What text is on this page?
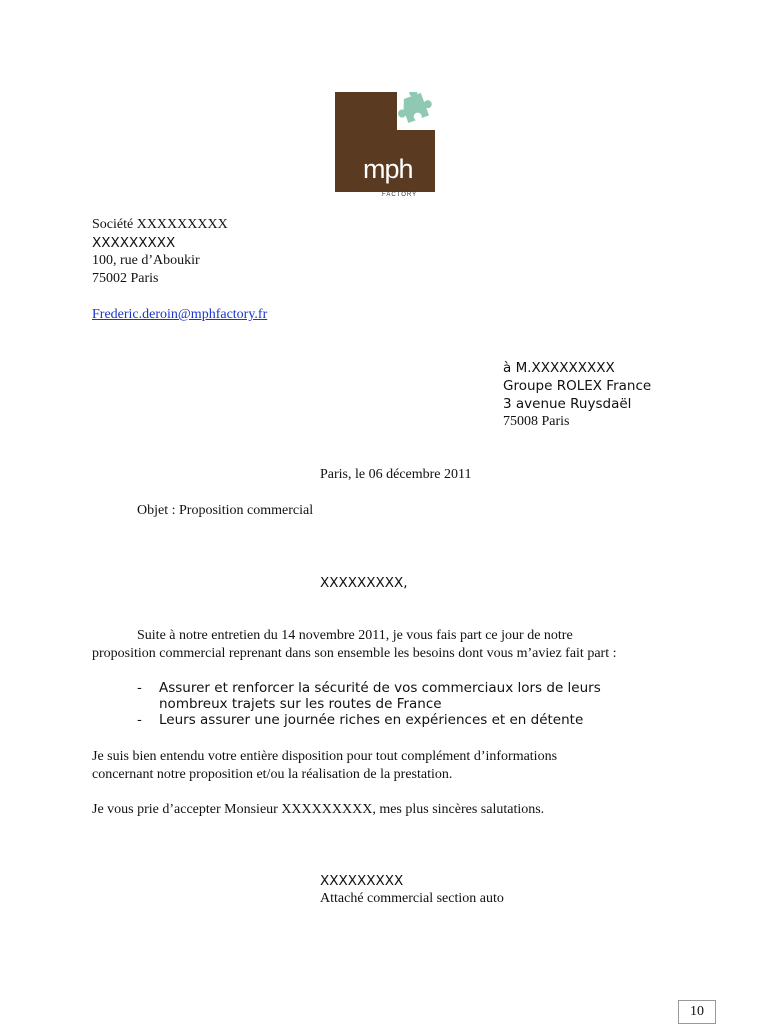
mph
FACTORY
Société XXXXXXXXX
XXXXXXXXX
100, rue d’Aboukir
75002 Paris
Frederic.deroin@mphfactory.fr
à M.XXXXXXXXX
Groupe ROLEX France
3 avenue Ruysdaël
75008 Paris
Paris, le 06 décembre 2011
Objet : Proposition commercial
XXXXXXXXX,
Suite à notre entretien du 14 novembre 2011, je vous fais part ce jour de notre
proposition commercial reprenant dans son ensemble les besoins dont vous m’aviez fait part :
- Assurer et renforcer la sécurité de vos commerciaux lors de leurs
nombreux trajets sur les routes de France
- Leurs assurer une journée riches en expériences et en détente
Je suis bien entendu votre entière disposition pour tout complément d’informations
concernant notre proposition et/ou la réalisation de la prestation.
Je vous prie d’accepter Monsieur XXXXXXXXX, mes plus sincères salutations.
XXXXXXXXX
Attaché commercial section auto
10
